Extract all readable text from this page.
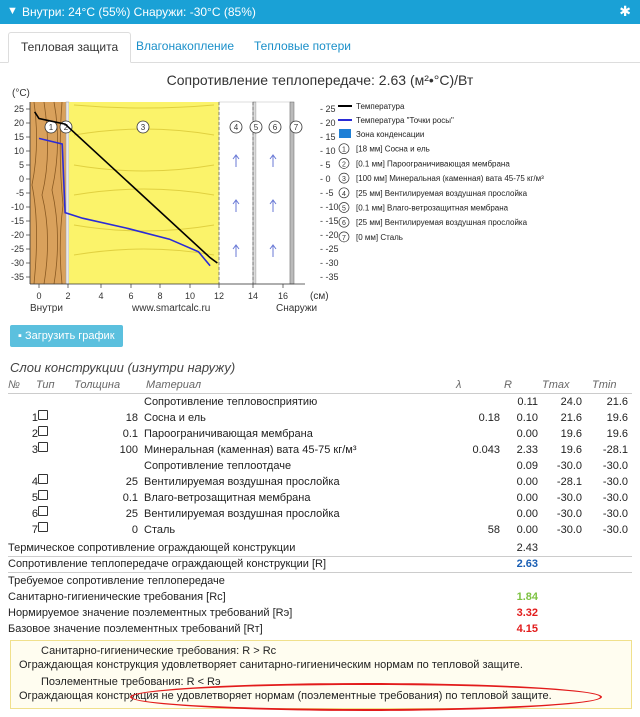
▼ Внутри: 24°C (55%) Снаружи: -30°C (85%)	✱
Тепловая защита	Влагонакопление	Тепловые потери
Сопротивление теплопередаче: 2.63 (м²•°C)/Вт
25
20
15
10
5
0
-5
-10
-15
-20
-25
-30
-35
- 25
- 20
- 15
- 10
- 5
- 0
- -5
- -10
- -15
- -20
- -25
- -30
- -35
0	2	4	6	8 10 12	14 16
1 2	3	4 5 6 7
(°C)
(см)
Внутри	www.smartcalc.ru	Снаружи
Температура
Температура "Точки росы"
Зона конденсации
1 [18 мм] Сосна и ель
2 [0.1 мм] Пароограничивающая мембрана
3 [100 мм] Минеральная (каменная) вата 45-75 кг/м³
4 [25 мм] Вентилируемая воздушная прослойка
5 [0.1 мм] Влаго-ветрозащитная мембрана
6 [25 мм] Вентилируемая воздушная прослойка
7 [0 мм] Сталь
▪ Загрузить график
Слои конструкции (изнутри наружу)
№ Тип Толщина Материал	λ	R	Tmax Tmin
Сопротивление тепловосприятию	0.11	24.0	21.6
1	18 Сосна и ель	0.18	0.10	21.6	19.6
2	0.1 Пароограничивающая мембрана	0.00	19.6	19.6
3	100 Минеральная (каменная) вата 45-75 кг/м³	0.043	2.33	19.6	-28.1
Сопротивление теплоотдаче	0.09	-30.0	-30.0
4	25 Вентилируемая воздушная прослойка	0.00	-28.1	-30.0
5	0.1 Влаго-ветрозащитная мембрана	0.00	-30.0	-30.0
6	25 Вентилируемая воздушная прослойка	0.00	-30.0	-30.0
7	0 Сталь	58	0.00	-30.0	-30.0
Термическое сопротивление ограждающей конструкции	2.43
Сопротивление теплопередаче ограждающей конструкции [R]	2.63
Требуемое сопротивление теплопередаче
Санитарно-гигиенические требования [Rc]	1.84
Нормируемое значение поэлементных требований [Rэ]	3.32
Базовое значение поэлементных требований [Rт]	4.15
Санитарно-гигиенические требования: R > Rc
Ограждающая конструкция удовлетворяет санитарно-гигиеническим нормам по тепловой защите.
Поэлементные требования: R < Rэ
Ограждающая конструкция не удовлетворяет нормам (поэлементные требования) по тепловой защите.
